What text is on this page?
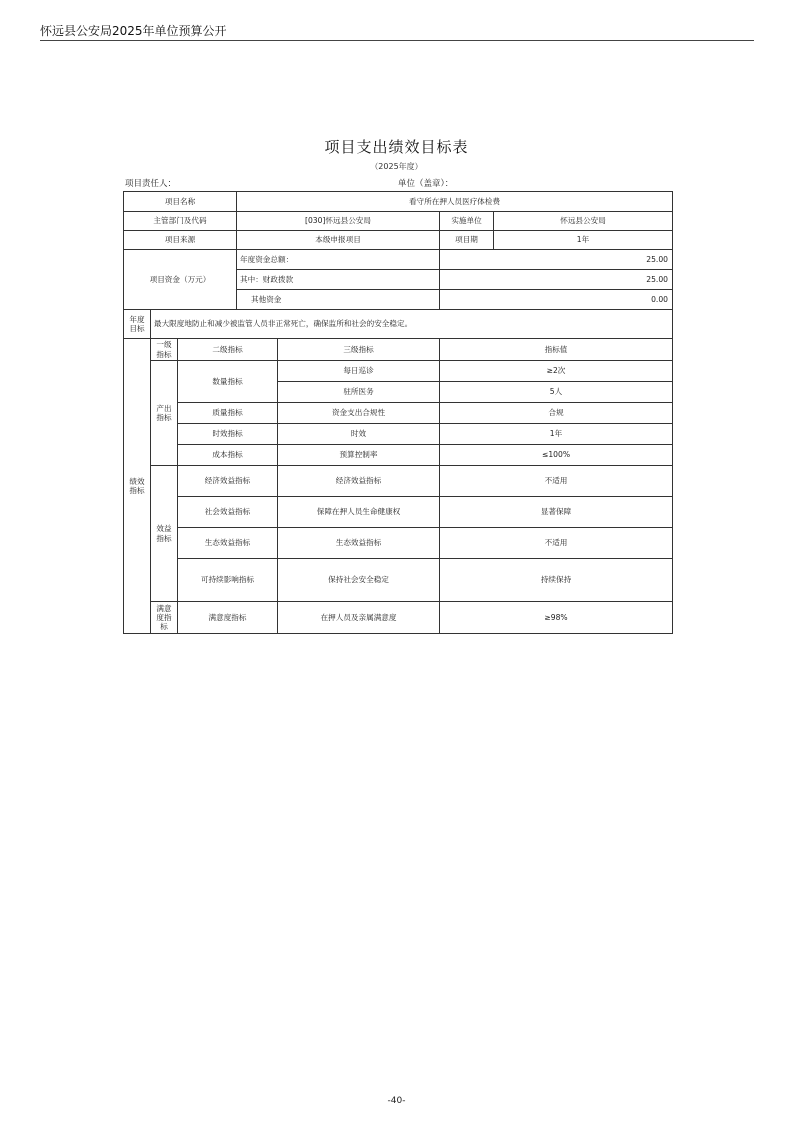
怀远县公安局2025年单位预算公开
项目支出绩效目标表
（2025年度）
项目责任人：	单位（盖章）：
项目名称			看守所在押人员医疗体检费			
主管部门及代码			[030]怀远县公安局		实施单位	怀远县公安局
项目来源			本级申报项目		项目期	1年
项目资金（万元）			年度资金总额：		25.00	
			其中：财政拨款		25.00	
			其他资金		0.00	
年度目标	最大限度地防止和减少被监管人员非正常死亡，确保监所和社会的安全稳定。					
绩效指标	一级指标	二级指标		三级指标	指标值	
	产出指标	数量指标		每日巡诊	≥2次	
				驻所医务	5人	
		质量指标		资金支出合规性	合规	
		时效指标		时效	1年	
		成本指标		预算控制率	≤100%	
	效益指标	经济效益指标		经济效益指标	不适用	
		社会效益指标		保障在押人员生命健康权	显著保障	
		生态效益指标		生态效益指标	不适用	
		可持续影响指标		保持社会安全稳定	持续保持	
	满意度指标	满意度指标		在押人员及亲属满意度	≥98%	
-40-
